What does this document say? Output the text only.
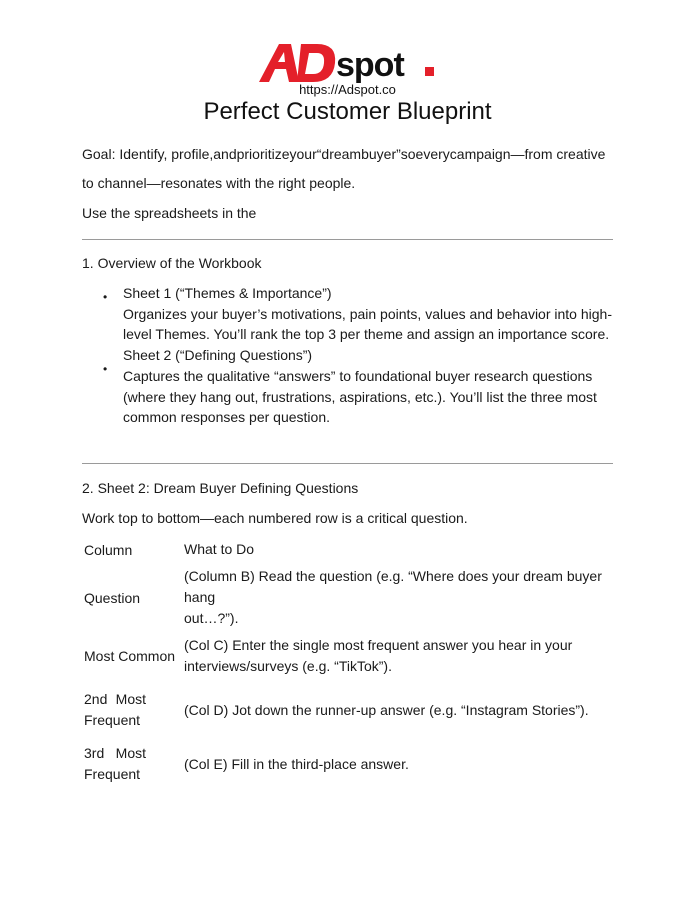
spot
https://Adspot.co
Perfect Customer Blueprint
Goal: Identify, profile,andprioritizeyour“dreambuyer”soeverycampaign—from creative
to channel—resonates with the right people.
Use the spreadsheets in the
1. Overview of the Workbook
• Sheet 1 (“Themes & Importance”)
Organizes your buyer’s motivations, pain points, values and behavior into high-
level Themes. You’ll rank the top 3 per theme and assign an importance score.
•
Sheet 2 (“Defining Questions”)
Captures the qualitative “answers” to foundational buyer research questions
(where they hang out, frustrations, aspirations, etc.). You’ll list the three most
common responses per question.
2. Sheet 2: Dream Buyer Defining Questions
Work top to bottom—each numbered row is a critical question.
Column	What to Do
Question	(Column B) Read the question (e.g. “Where does your dream buyer hang
out…?”).

Most Common	(Col C) Enter the single most frequent answer you hear in your
interviews/surveys (e.g. “TikTok”).

2nd Most
Frequent	(Col D) Jot down the runner-up answer (e.g. “Instagram Stories”).

3rd Most
Frequent	(Col E) Fill in the third-place answer.
